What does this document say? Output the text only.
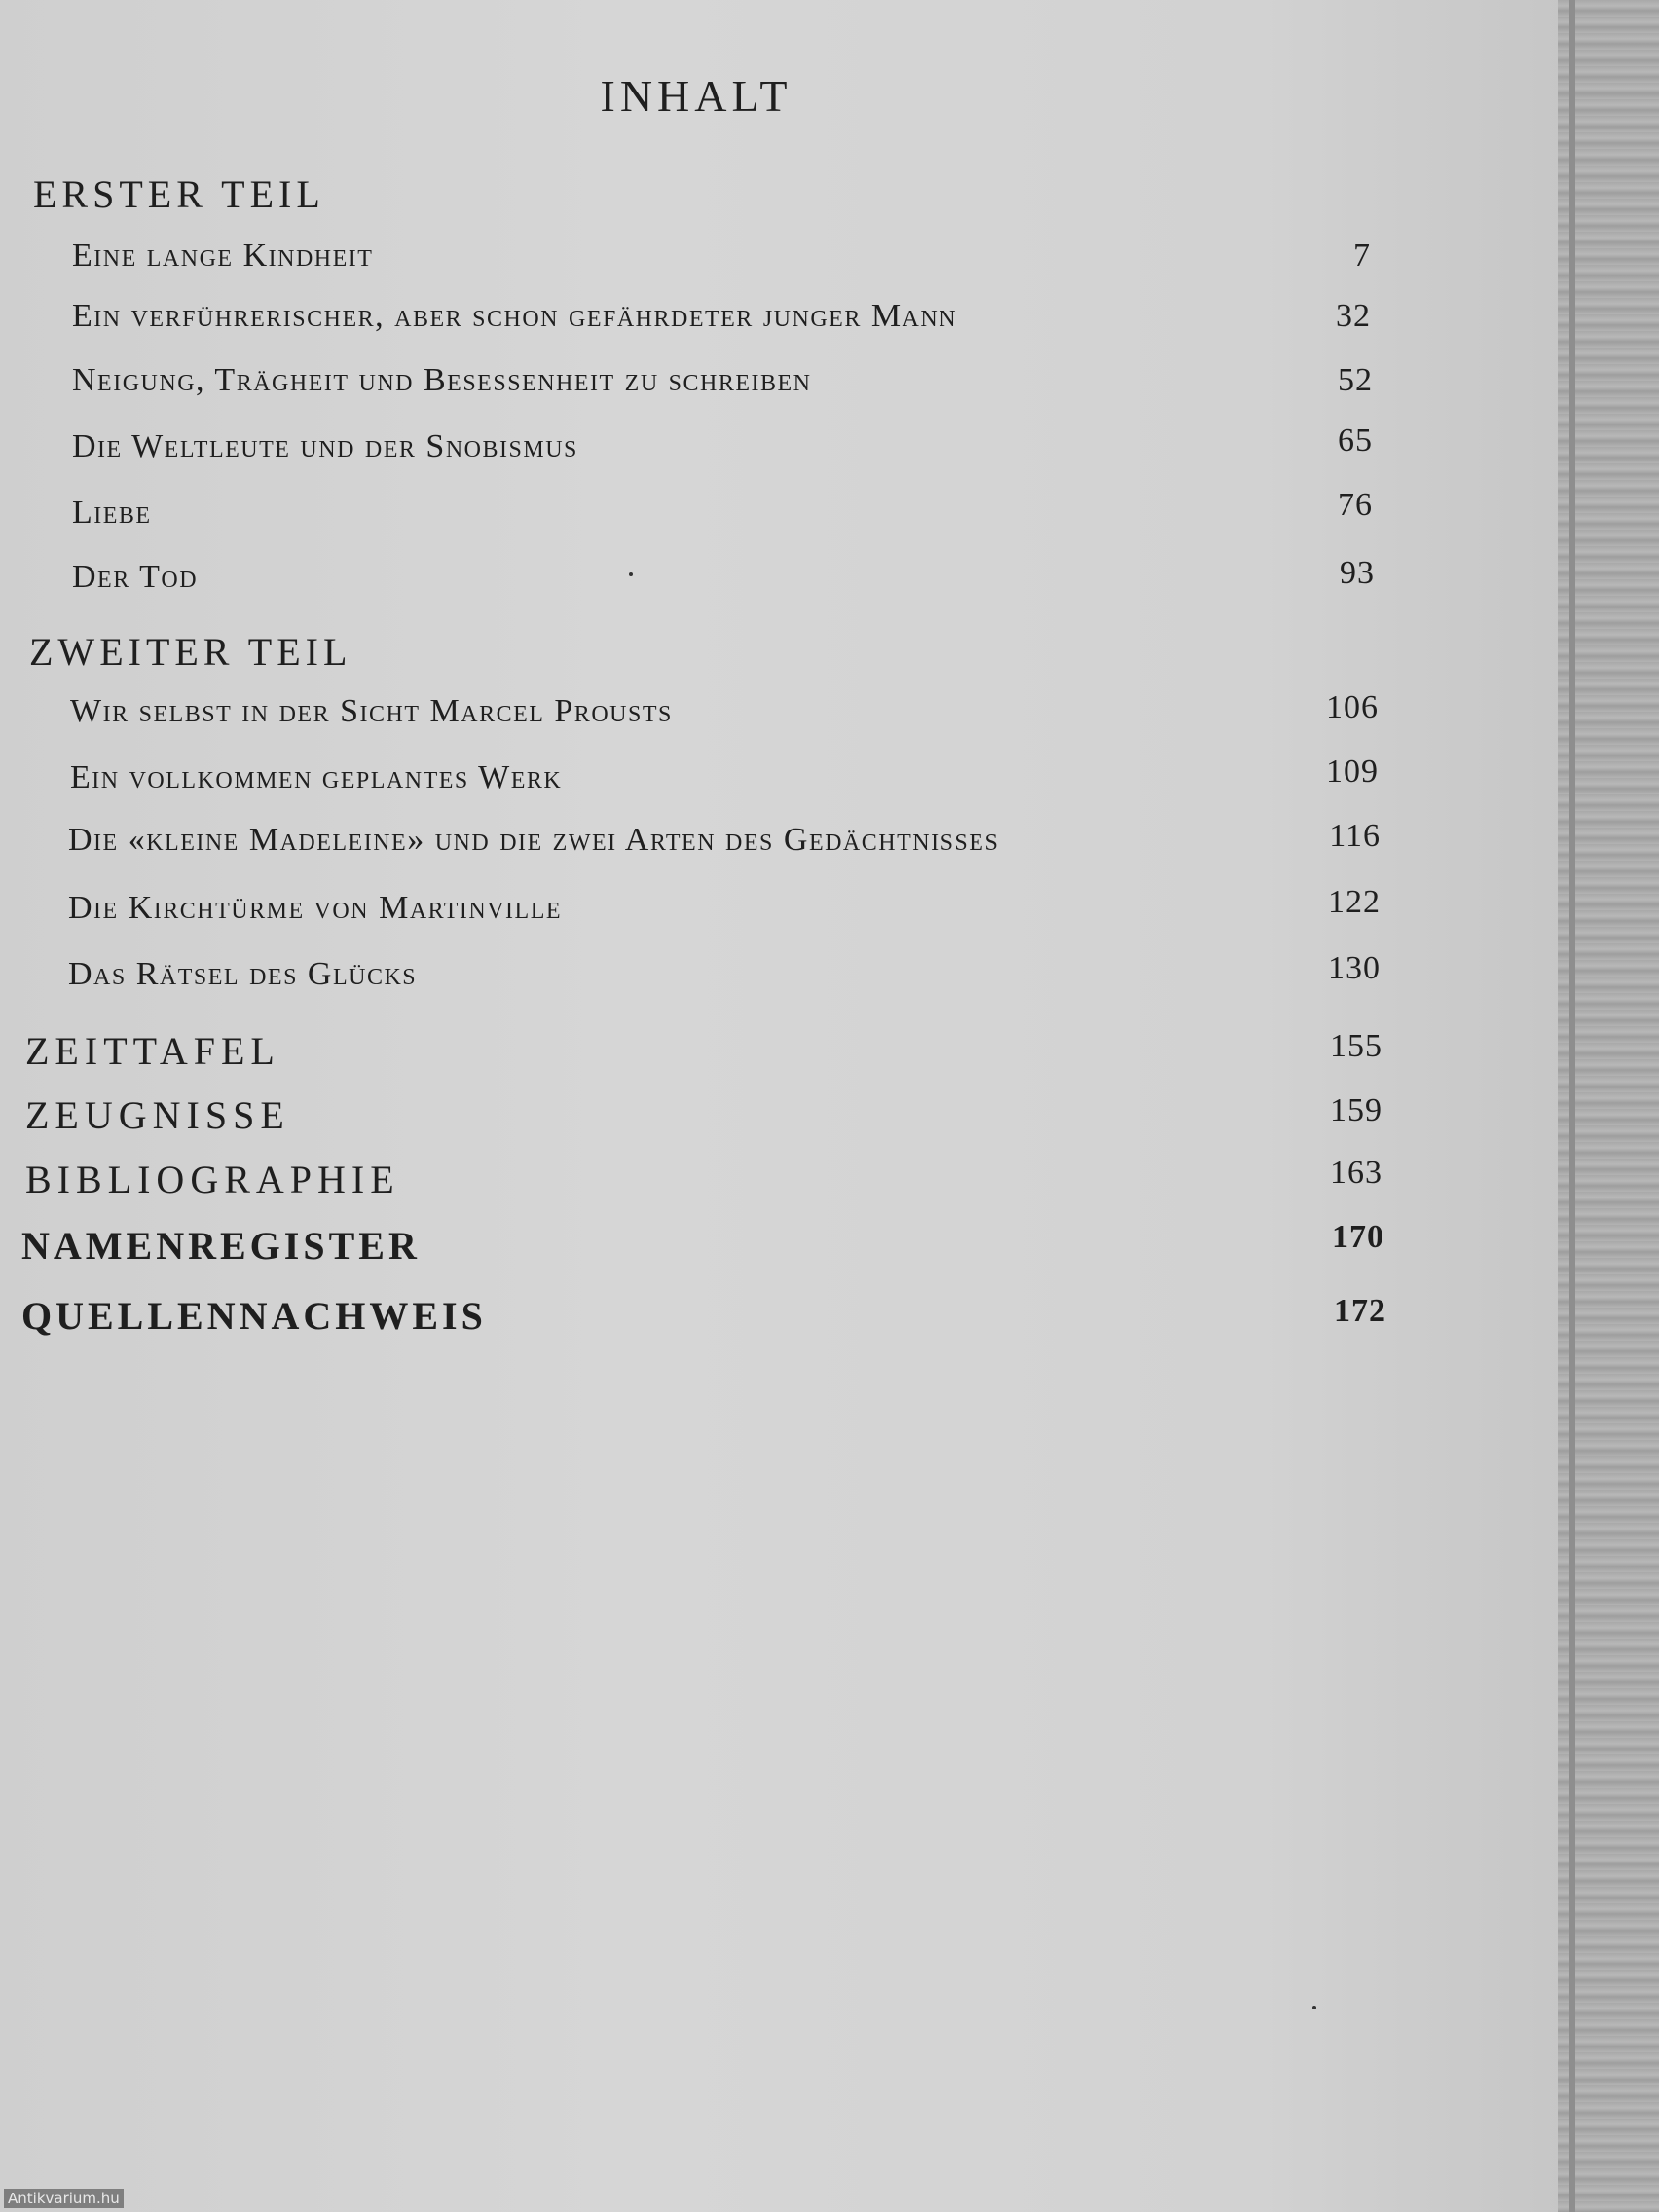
INHALT
ERSTER TEIL
Eine lange Kindheit	7
Ein verführerischer, aber schon gefährdeter junger Mann	32
Neigung, Trägheit und Besessenheit zu schreiben	52
Die Weltleute und der Snobismus	65
Liebe	76
Der Tod	93
ZWEITER TEIL
Wir selbst in der Sicht Marcel Prousts	106
Ein vollkommen geplantes Werk	109
Die «kleine Madeleine» und die zwei Arten des Gedächtnisses	116
Die Kirchtürme von Martinville	122
Das Rätsel des Glücks	130
ZEITTAFEL	155
ZEUGNISSE	159
BIBLIOGRAPHIE	163
NAMENREGISTER	170
QUELLENNACHWEIS	172
Antikvarium.hu
